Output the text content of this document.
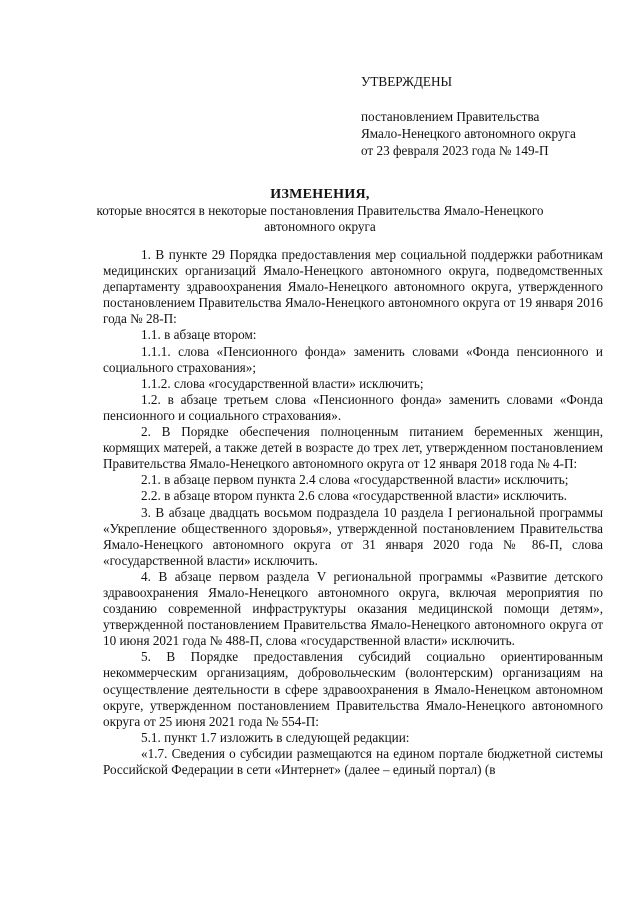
 
УТВЕРЖДЕНЫ
постановлением Правительства
Ямало-Ненецкого автономного округа
от 23 февраля 2023 года № 149-П
ИЗМЕНЕНИЯ,
которые вносятся в некоторые постановления Правительства Ямало-Ненецкого
автономного округа

1. В пункте 29 Порядка предоставления мер социальной поддержки работникам медицинских организаций Ямало-Ненецкого автономного округа, подведомственных департаменту здравоохранения Ямало-Ненецкого автономного округа, утвержденного постановлением Правительства Ямало-Ненецкого автономного округа от 19 января 2016 года № 28-П:

1.1. в абзаце втором:

1.1.1. слова «Пенсионного фонда» заменить словами «Фонда пенсионного и социального страхования»;

1.1.2. слова «государственной власти» исключить;

1.2. в абзаце третьем слова «Пенсионного фонда» заменить словами «Фонда пенсионного и социального страхования».

2. В Порядке обеспечения полноценным питанием беременных женщин, кормящих матерей, а также детей в возрасте до трех лет, утвержденном постановлением Правительства Ямало-Ненецкого автономного округа от 12 января 2018 года № 4-П:

2.1. в абзаце первом пункта 2.4 слова «государственной власти» исключить;

2.2. в абзаце втором пункта 2.6 слова «государственной власти» исключить.

3. В абзаце двадцать восьмом подраздела 10 раздела I региональной программы «Укрепление общественного здоровья», утвержденной постановлением Правительства Ямало-Ненецкого автономного округа от 31 января 2020 года № 86-П, слова «государственной власти» исключить.

4. В абзаце первом раздела V региональной программы «Развитие детского здравоохранения Ямало-Ненецкого автономного округа, включая мероприятия по созданию современной инфраструктуры оказания медицинской помощи детям», утвержденной постановлением Правительства Ямало-Ненецкого автономного округа от 10 июня 2021 года № 488-П, слова «государственной власти» исключить.

5. В Порядке предоставления субсидий социально ориентированным некоммерческим организациям, добровольческим (волонтерским) организациям на осуществление деятельности в сфере здравоохранения в Ямало-Ненецком автономном округе, утвержденном постановлением Правительства Ямало-Ненецкого автономного округа от 25 июня 2021 года № 554-П:

5.1. пункт 1.7 изложить в следующей редакции:

«1.7. Сведения о субсидии размещаются на едином портале бюджетной системы Российской Федерации в сети «Интернет» (далее – единый портал) (в
